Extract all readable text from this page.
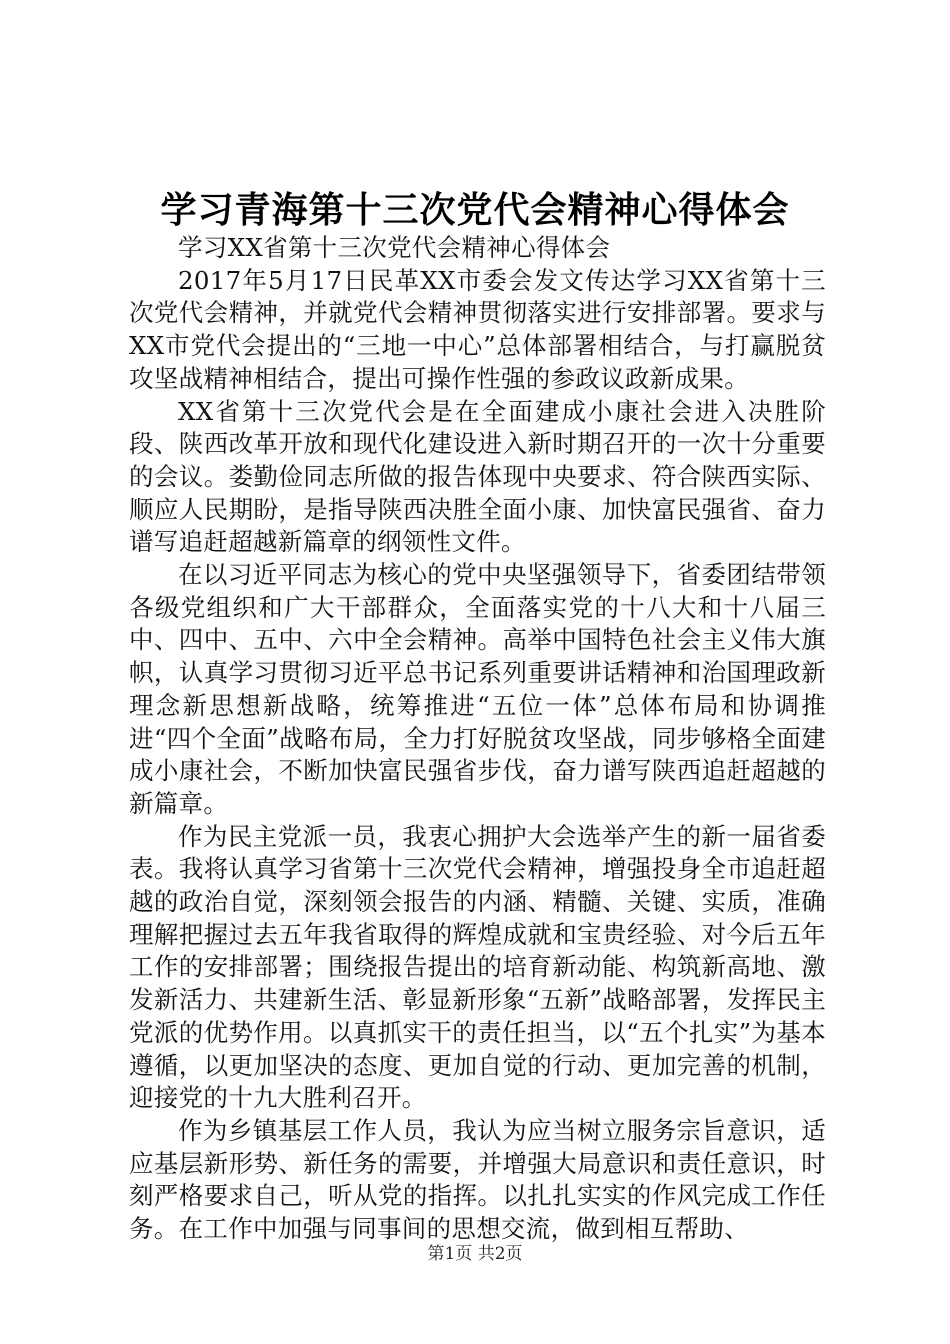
学习青海第十三次党代会精神心得体会

学习XX省第十三次党代会精神心得体会

2017年5月17日民革XX市委会发文传达学习XX省第十三次党代会精神，并就党代会精神贯彻落实进行安排部署。要求与XX市党代会提出的“三地一中心”总体部署相结合，与打赢脱贫攻坚战精神相结合，提出可操作性强的参政议政新成果。

XX省第十三次党代会是在全面建成小康社会进入决胜阶段、陕西改革开放和现代化建设进入新时期召开的一次十分重要的会议。娄勤俭同志所做的报告体现中央要求、符合陕西实际、顺应人民期盼，是指导陕西决胜全面小康、加快富民强省、奋力谱写追赶超越新篇章的纲领性文件。

在以习近平同志为核心的党中央坚强领导下，省委团结带领各级党组织和广大干部群众，全面落实党的十八大和十八届三中、四中、五中、六中全会精神。高举中国特色社会主义伟大旗帜，认真学习贯彻习近平总书记系列重要讲话精神和治国理政新理念新思想新战略，统筹推进“五位一体”总体布局和协调推进“四个全面”战略布局，全力打好脱贫攻坚战，同步够格全面建成小康社会，不断加快富民强省步伐，奋力谱写陕西追赶超越的新篇章。

作为民主党派一员，我衷心拥护大会选举产生的新一届省委表。我将认真学习省第十三次党代会精神，增强投身全市追赶超越的政治自觉，深刻领会报告的内涵、精髓、关键、实质，准确理解把握过去五年我省取得的辉煌成就和宝贵经验、对今后五年工作的安排部署；围绕报告提出的培育新动能、构筑新高地、激发新活力、共建新生活、彰显新形象“五新”战略部署，发挥民主党派的优势作用。以真抓实干的责任担当，以“五个扎实”为基本遵循，以更加坚决的态度、更加自觉的行动、更加完善的机制，迎接党的十九大胜利召开。

作为乡镇基层工作人员，我认为应当树立服务宗旨意识，适应基层新形势、新任务的需要，并增强大局意识和责任意识，时刻严格要求自己，听从党的指挥。以扎扎实实的作风完成工作任务。在工作中加强与同事间的思想交流，做到相互帮助、

第1页 共2页
